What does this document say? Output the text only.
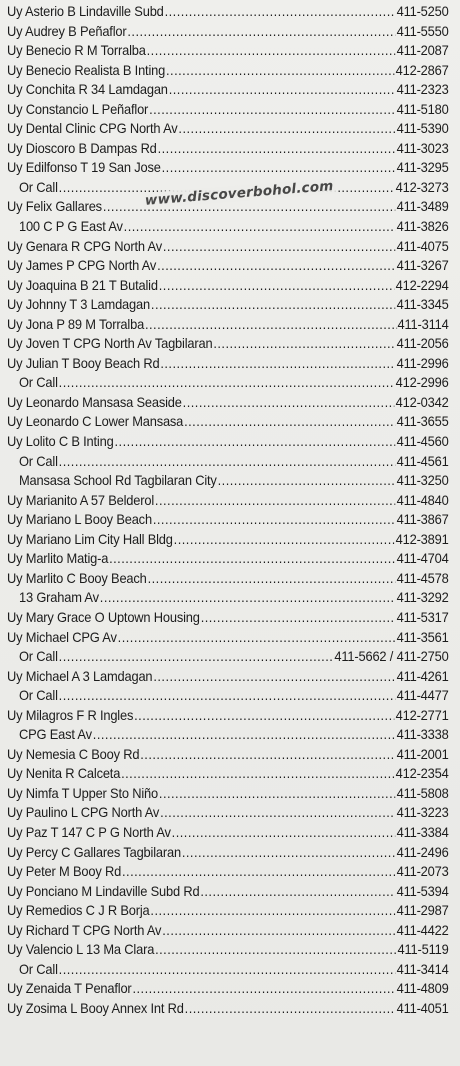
Uy Asterio B Lindaville Subd .....	411-5250
Uy Audrey B Peñaflor .....	411-5550
Uy Benecio R M Torralba .....	411-2087
Uy Benecio Realista B Inting .....	412-2867
Uy Conchita R 34 Lamdagan .....	411-2323
Uy Constancio L Peñaflor .....	411-5180
Uy Dental Clinic CPG North Av .....	411-5390
Uy Dioscoro B Dampas Rd .....	411-3023
Uy Edilfonso T 19 San Jose .....	411-3295
Or Call .....	412-3273
Uy Felix Gallares .....	411-3489
100 C P G East Av .....	411-3826
Uy Genara R CPG North Av .....	411-4075
Uy James P CPG North Av .....	411-3267
Uy Joaquina B 21 T Butalid .....	412-2294
Uy Johnny T 3 Lamdagan .....	411-3345
Uy Jona P 89 M Torralba .....	411-3114
Uy Joven T CPG North Av Tagbilaran .....	411-2056
Uy Julian T Booy Beach Rd .....	411-2996
Or Call .....	412-2996
Uy Leonardo Mansasa Seaside .....	412-0342
Uy Leonardo C Lower Mansasa .....	411-3655
Uy Lolito C B Inting .....	411-4560
Or Call .....	411-4561
Mansasa School Rd Tagbilaran City .....	411-3250
Uy Marianito A 57 Belderol .....	411-4840
Uy Mariano L Booy Beach .....	411-3867
Uy Mariano Lim City Hall Bldg .....	412-3891
Uy Marlito Matig-a .....	411-4704
Uy Marlito C Booy Beach .....	411-4578
13 Graham Av .....	411-3292
Uy Mary Grace O Uptown Housing .....	411-5317
Uy Michael CPG Av .....	411-3561
Or Call .....	411-5662 / 411-2750
Uy Michael A 3 Lamdagan .....	411-4261
Or Call .....	411-4477
Uy Milagros F R Ingles .....	412-2771
CPG East Av .....	411-3338
Uy Nemesia C Booy Rd .....	411-2001
Uy Nenita R Calceta .....	412-2354
Uy Nimfa T Upper Sto Niño .....	411-5808
Uy Paulino L CPG North Av .....	411-3223
Uy Paz T 147 C P G North Av .....	411-3384
Uy Percy C Gallares Tagbilaran .....	411-2496
Uy Peter M Booy Rd .....	411-2073
Uy Ponciano M Lindaville Subd Rd .....	411-5394
Uy Remedios C J R Borja .....	411-2987
Uy Richard T CPG North Av .....	411-4422
Uy Valencio L 13 Ma Clara .....	411-5119
Or Call .....	411-3414
Uy Zenaida T Penaflor .....	411-4809
Uy Zosima L Booy Annex Int Rd .....	411-4051
www.discoverbohol.com
